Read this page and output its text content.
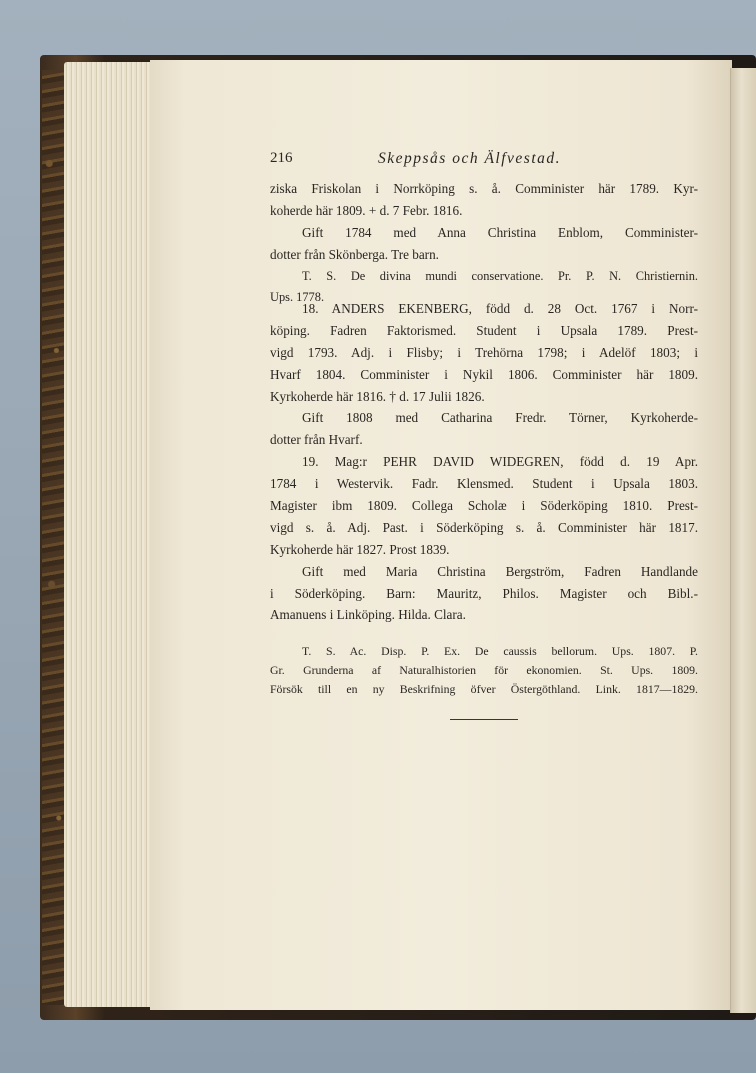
216	Skeppsås och Älfvestad.
ziska Friskolan i Norrköping s. å. Comminister här 1789. Kyr-
koherde här 1809. + d. 7 Febr. 1816.
Gift 1784 med Anna Christina Enblom, Comminister-
dotter från Skönberga. Tre barn.
T. S. De divina mundi conservatione. Pr. P. N. Christiernin.
Ups. 1778.
18. ANDERS EKENBERG, född d. 28 Oct. 1767 i Norr-
köping. Fadren Faktorismed. Student i Upsala 1789. Prest-
vigd 1793. Adj. i Flisby; i Trehörna 1798; i Adelöf 1803; i
Hvarf 1804. Comminister i Nykil 1806. Comminister här 1809.
Kyrkoherde här 1816. † d. 17 Julii 1826.
Gift 1808 med Catharina Fredr. Törner, Kyrkoherde-
dotter från Hvarf.
19. Mag:r PEHR DAVID WIDEGREN, född d. 19 Apr.
1784 i Westervik. Fadr. Klensmed. Student i Upsala 1803.
Magister ibm 1809. Collega Scholæ i Söderköping 1810. Prest-
vigd s. å. Adj. Past. i Söderköping s. å. Comminister här 1817.
Kyrkoherde här 1827. Prost 1839.
Gift med Maria Christina Bergström, Fadren Handlande
i Söderköping. Barn: Mauritz, Philos. Magister och Bibl.-
Amanuens i Linköping. Hilda. Clara.
T. S. Ac. Disp. P. Ex. De caussis bellorum. Ups. 1807. P.
Gr. Grunderna af Naturalhistorien för ekonomien. St. Ups. 1809.
Försök till en ny Beskrifning öfver Östergöthland. Link. 1817—1829.
